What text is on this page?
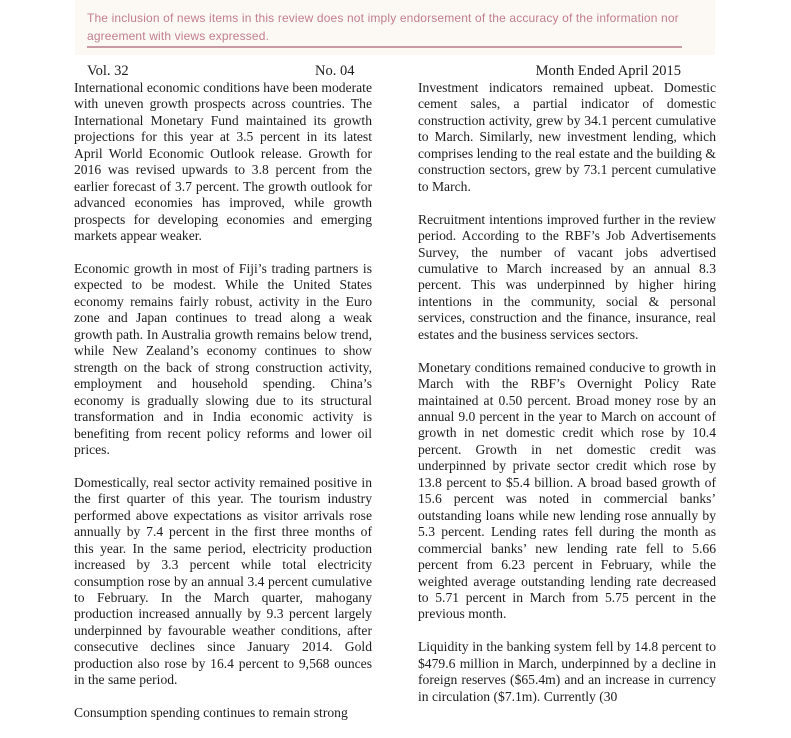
The inclusion of news items in this review does not imply endorsement of the accuracy of the information nor agreement with views expressed.
Vol. 32	No. 04	Month Ended April 2015

International economic conditions have been moderate with uneven growth prospects across countries. The International Monetary Fund maintained its growth projections for this year at 3.5 percent in its latest April World Economic Outlook release. Growth for 2016 was revised upwards to 3.8 percent from the earlier forecast of 3.7 percent. The growth outlook for advanced economies has improved, while growth prospects for developing economies and emerging markets appear weaker.

Economic growth in most of Fiji’s trading partners is expected to be modest. While the United States economy remains fairly robust, activity in the Euro zone and Japan continues to tread along a weak growth path. In Australia growth remains below trend, while New Zealand’s economy continues to show strength on the back of strong construction activity, employment and household spending. China’s economy is gradually slowing due to its structural transformation and in India economic activity is benefiting from recent policy reforms and lower oil prices.

Domestically, real sector activity remained positive in the first quarter of this year. The tourism industry performed above expectations as visitor arrivals rose annually by 7.4 percent in the first three months of this year. In the same period, electricity production increased by 3.3 percent while total electricity consumption rose by an annual 3.4 percent cumulative to February. In the March quarter, mahogany production increased annually by 9.3 percent largely underpinned by favourable weather conditions, after consecutive declines since January 2014. Gold production also rose by 16.4 percent to 9,568 ounces in the same period.

Consumption spending continues to remain strong

Investment indicators remained upbeat. Domestic cement sales, a partial indicator of domestic construction activity, grew by 34.1 percent cumulative to March. Similarly, new investment lending, which comprises lending to the real estate and the building & construction sectors, grew by 73.1 percent cumulative to March.

Recruitment intentions improved further in the review period. According to the RBF’s Job Advertisements Survey, the number of vacant jobs advertised cumulative to March increased by an annual 8.3 percent. This was underpinned by higher hiring intentions in the community, social & personal services, construction and the finance, insurance, real estates and the business services sectors.

Monetary conditions remained conducive to growth in March with the RBF’s Overnight Policy Rate maintained at 0.50 percent. Broad money rose by an annual 9.0 percent in the year to March on account of growth in net domestic credit which rose by 10.4 percent. Growth in net domestic credit was underpinned by private sector credit which rose by 13.8 percent to $5.4 billion. A broad based growth of 15.6 percent was noted in commercial banks’ outstanding loans while new lending rose annually by 5.3 percent. Lending rates fell during the month as commercial banks’ new lending rate fell to 5.66 percent from 6.23 percent in February, while the weighted average outstanding lending rate decreased to 5.71 percent in March from 5.75 percent in the previous month.

Liquidity in the banking system fell by 14.8 percent to $479.6 million in March, underpinned by a decline in foreign reserves ($65.4m) and an increase in currency in circulation ($7.1m). Currently (30
